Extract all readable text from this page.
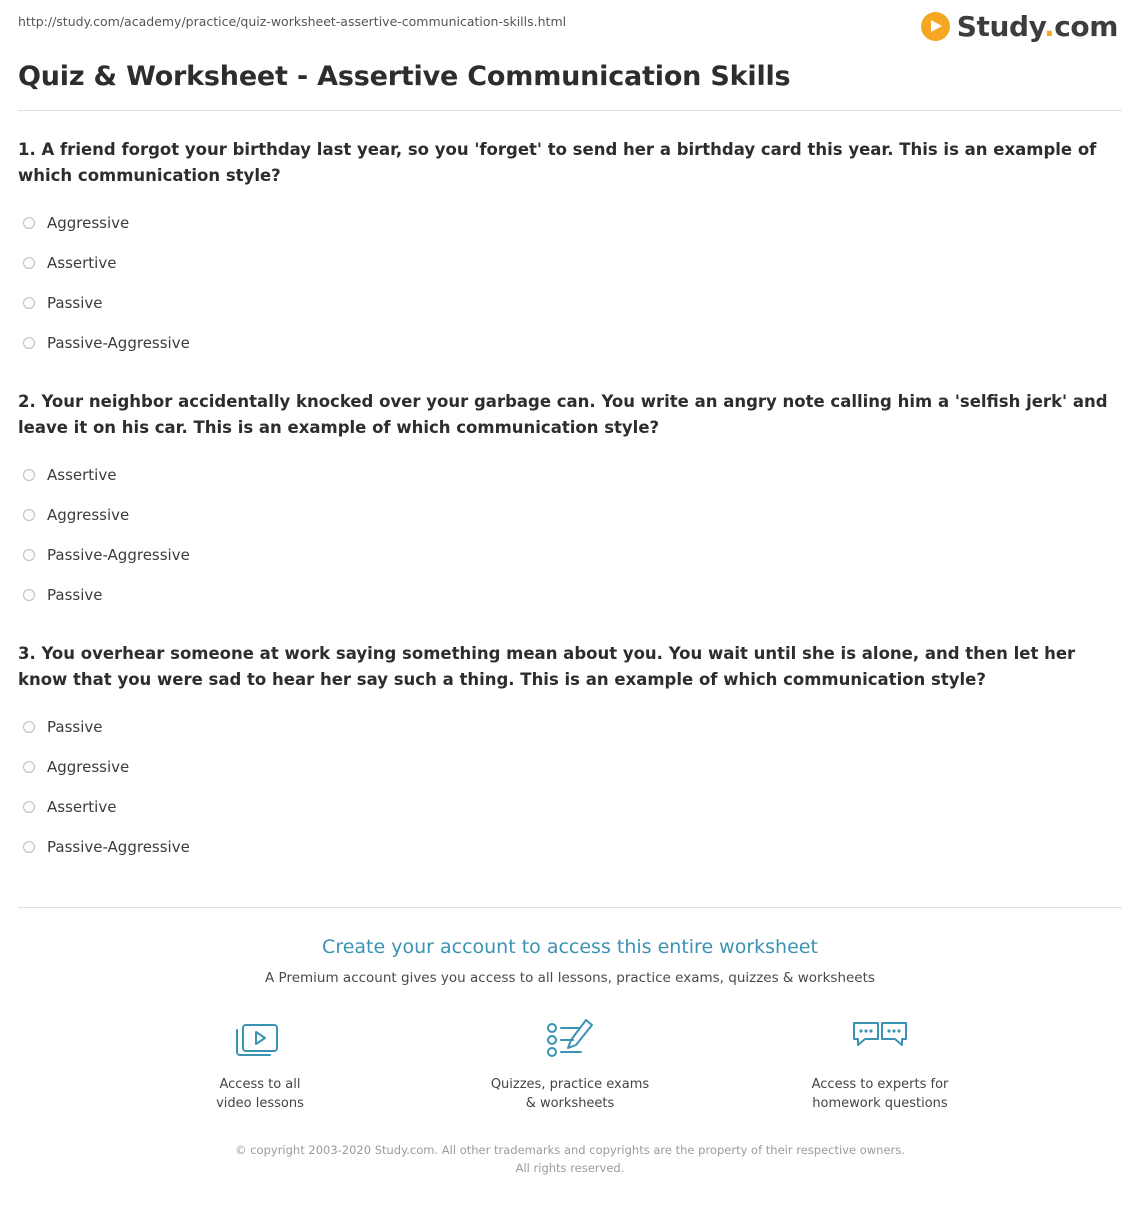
http://study.com/academy/practice/quiz-worksheet-assertive-communication-skills.html	Study.com
Quiz & Worksheet - Assertive Communication Skills

1. A friend forgot your birthday last year, so you 'forget' to send her a birthday card this year. This is an example of which communication style?

Aggressive
Assertive
Passive
Passive-Aggressive

2. Your neighbor accidentally knocked over your garbage can. You write an angry note calling him a 'selfish jerk' and leave it on his car. This is an example of which communication style?

Assertive
Aggressive
Passive-Aggressive
Passive

3. You overhear someone at work saying something mean about you. You wait until she is alone, and then let her know that you were sad to hear her say such a thing. This is an example of which communication style?

Passive
Aggressive
Assertive
Passive-Aggressive
Create your account to access this entire worksheet
A Premium account gives you access to all lessons, practice exams, quizzes & worksheets
Access to all
video lessons
Quizzes, practice exams
& worksheets
Access to experts for
homework questions
© copyright 2003-2020 Study.com. All other trademarks and copyrights are the property of their respective owners. All rights reserved.
